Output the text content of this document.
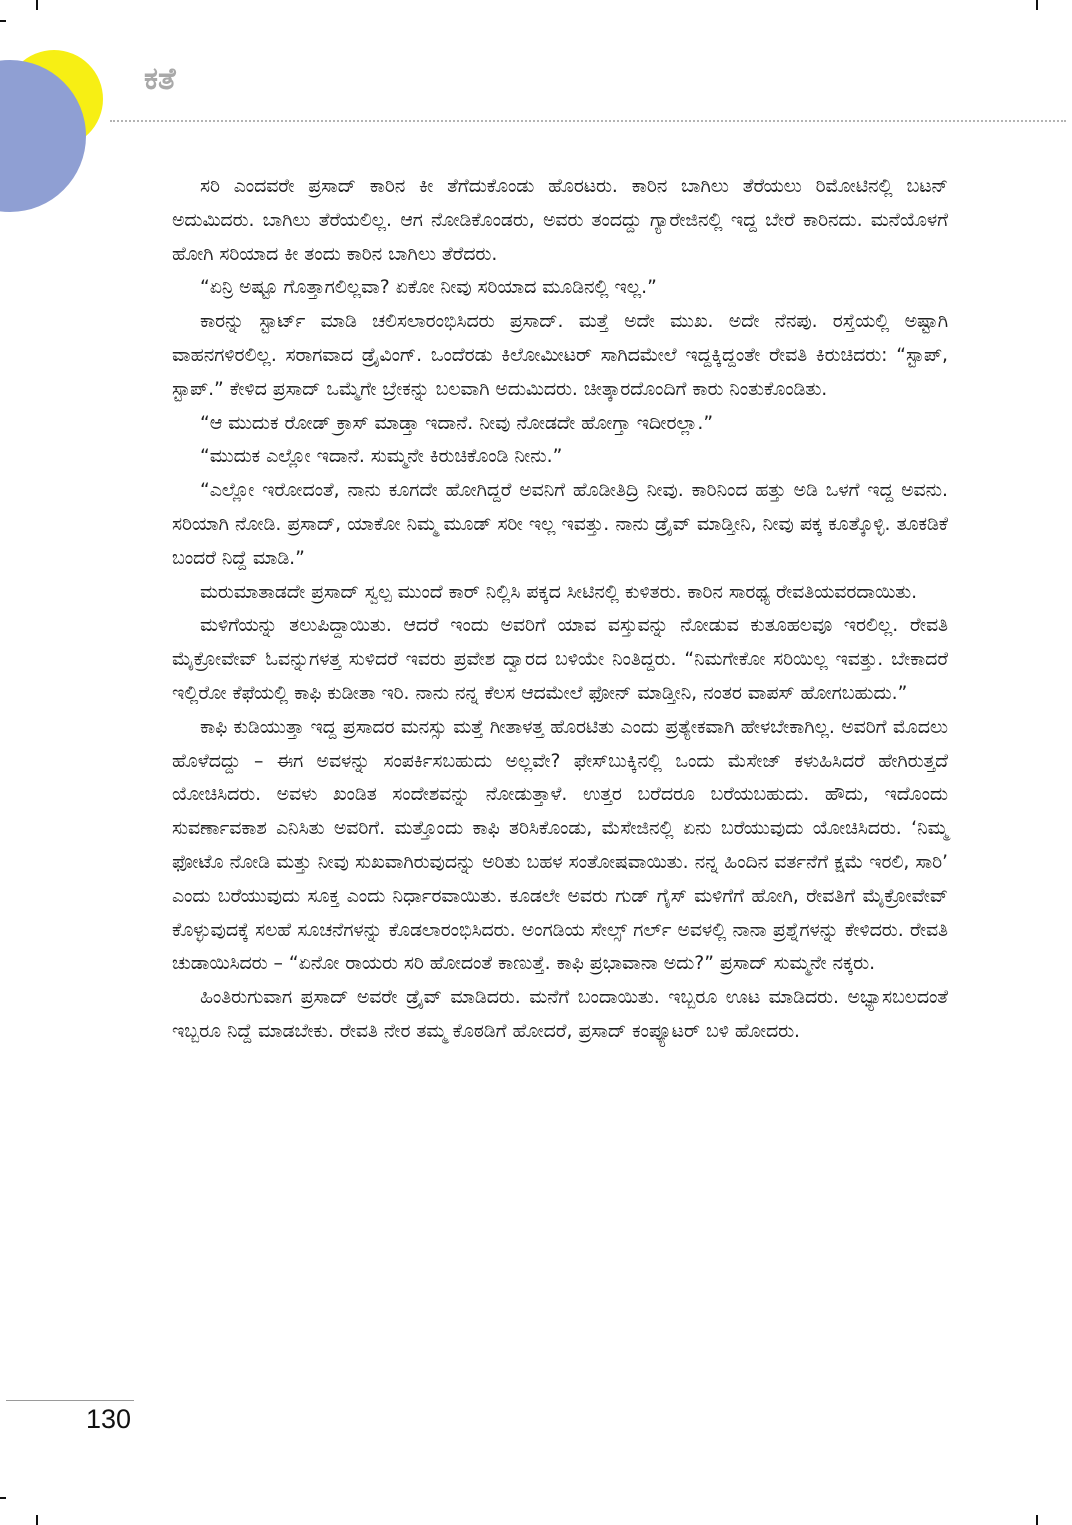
ಕತೆ

ಸರಿ ಎಂದವರೇ ಪ್ರಸಾದ್ ಕಾರಿನ ಕೀ ತೆಗೆದುಕೊಂಡು ಹೊರಟರು. ಕಾರಿನ ಬಾಗಿಲು ತೆರೆಯಲು ರಿಮೋಟಿನಲ್ಲಿ ಬಟನ್ ಅದುಮಿದರು. ಬಾಗಿಲು ತೆರೆಯಲಿಲ್ಲ. ಆಗ ನೋಡಿಕೊಂಡರು, ಅವರು ತಂದದ್ದು ಗ್ಯಾರೇಜಿನಲ್ಲಿ ಇದ್ದ ಬೇರೆ ಕಾರಿನದು. ಮನೆಯೊಳಗೆ ಹೋಗಿ ಸರಿಯಾದ ಕೀ ತಂದು ಕಾರಿನ ಬಾಗಿಲು ತೆರೆದರು.

“ಏನ್ರಿ ಅಷ್ಟೂ ಗೊತ್ತಾಗಲಿಲ್ಲವಾ? ಏಕೋ ನೀವು ಸರಿಯಾದ ಮೂಡಿನಲ್ಲಿ ಇಲ್ಲ.”

ಕಾರನ್ನು ಸ್ಟಾರ್ಟ್ ಮಾಡಿ ಚಲಿಸಲಾರಂಭಿಸಿದರು ಪ್ರಸಾದ್. ಮತ್ತೆ ಅದೇ ಮುಖ. ಅದೇ ನೆನಪು. ರಸ್ತೆಯಲ್ಲಿ ಅಷ್ಟಾಗಿ ವಾಹನಗಳಿರಲಿಲ್ಲ. ಸರಾಗವಾದ ಡ್ರೈವಿಂಗ್. ಒಂದೆರಡು ಕಿಲೋಮೀಟರ್ ಸಾಗಿದಮೇಲೆ ಇದ್ದಕ್ಕಿದ್ದಂತೇ ರೇವತಿ ಕಿರುಚಿದರು: “ಸ್ಟಾಪ್, ಸ್ಟಾಪ್.” ಕೇಳಿದ ಪ್ರಸಾದ್ ಒಮ್ಮೆಗೇ ಬ್ರೇಕನ್ನು ಬಲವಾಗಿ ಅದುಮಿದರು. ಚೀತ್ಕಾರದೊಂದಿಗೆ ಕಾರು ನಿಂತುಕೊಂಡಿತು.

“ಆ ಮುದುಕ ರೋಡ್ ಕ್ರಾಸ್ ಮಾಡ್ತಾ ಇದಾನೆ. ನೀವು ನೋಡದೇ ಹೋಗ್ತಾ ಇದೀರಲ್ಲಾ.”

“ಮುದುಕ ಎಲ್ಲೋ ಇದಾನೆ. ಸುಮ್ಮನೇ ಕಿರುಚಿಕೊಂಡಿ ನೀನು.”

“ಎಲ್ಲೋ ಇರೋದಂತೆ, ನಾನು ಕೂಗದೇ ಹೋಗಿದ್ದರೆ ಅವನಿಗೆ ಹೊಡೀತಿದ್ರಿ ನೀವು. ಕಾರಿನಿಂದ ಹತ್ತು ಅಡಿ ಒಳಗೆ ಇದ್ದ ಅವನು. ಸರಿಯಾಗಿ ನೋಡಿ. ಪ್ರಸಾದ್, ಯಾಕೋ ನಿಮ್ಮ ಮೂಡ್ ಸರೀ ಇಲ್ಲ ಇವತ್ತು. ನಾನು ಡ್ರೈವ್ ಮಾಡ್ತೀನಿ, ನೀವು ಪಕ್ಕ ಕೂತ್ಕೊಳ್ಳಿ. ತೂಕಡಿಕೆ ಬಂದರೆ ನಿದ್ದೆ ಮಾಡಿ.”

ಮರುಮಾತಾಡದೇ ಪ್ರಸಾದ್ ಸ್ವಲ್ಪ ಮುಂದೆ ಕಾರ್ ನಿಲ್ಲಿಸಿ ಪಕ್ಕದ ಸೀಟಿನಲ್ಲಿ ಕುಳಿತರು. ಕಾರಿನ ಸಾರಥ್ಯ ರೇವತಿಯವರದಾಯಿತು.

ಮಳಿಗೆಯನ್ನು ತಲುಪಿದ್ದಾಯಿತು. ಆದರೆ ಇಂದು ಅವರಿಗೆ ಯಾವ ವಸ್ತುವನ್ನು ನೋಡುವ ಕುತೂಹಲವೂ ಇರಲಿಲ್ಲ. ರೇವತಿ ಮೈಕ್ರೋವೇವ್ ಓವನ್ನುಗಳತ್ತ ಸುಳಿದರೆ ಇವರು ಪ್ರವೇಶ ದ್ವಾರದ ಬಳಿಯೇ ನಿಂತಿದ್ದರು. “ನಿಮಗೇಕೋ ಸರಿಯಿಲ್ಲ ಇವತ್ತು. ಬೇಕಾದರೆ ಇಲ್ಲಿರೋ ಕೆಫೆಯಲ್ಲಿ ಕಾಫಿ ಕುಡೀತಾ ಇರಿ. ನಾನು ನನ್ನ ಕೆಲಸ ಆದಮೇಲೆ ಫೋನ್ ಮಾಡ್ತೀನಿ, ನಂತರ ವಾಪಸ್ ಹೋಗಬಹುದು.”

ಕಾಫಿ ಕುಡಿಯುತ್ತಾ ಇದ್ದ ಪ್ರಸಾದರ ಮನಸ್ಸು ಮತ್ತೆ ಗೀತಾಳತ್ತ ಹೊರಟಿತು ಎಂದು ಪ್ರತ್ಯೇಕವಾಗಿ ಹೇಳಬೇಕಾಗಿಲ್ಲ. ಅವರಿಗೆ ಮೊದಲು ಹೊಳೆದದ್ದು – ಈಗ ಅವಳನ್ನು ಸಂಪರ್ಕಿಸಬಹುದು ಅಲ್ಲವೇ? ಫೇಸ್‌ಬುಕ್ಕಿನಲ್ಲಿ ಒಂದು ಮೆಸೇಜ್ ಕಳುಹಿಸಿದರೆ ಹೇಗಿರುತ್ತದೆ ಯೋಚಿಸಿದರು. ಅವಳು ಖಂಡಿತ ಸಂದೇಶವನ್ನು ನೋಡುತ್ತಾಳೆ. ಉತ್ತರ ಬರೆದರೂ ಬರೆಯಬಹುದು. ಹೌದು, ಇದೊಂದು ಸುವರ್ಣಾವಕಾಶ ಎನಿಸಿತು ಅವರಿಗೆ. ಮತ್ತೊಂದು ಕಾಫಿ ತರಿಸಿಕೊಂಡು, ಮೆಸೇಜಿನಲ್ಲಿ ಏನು ಬರೆಯುವುದು ಯೋಚಿಸಿದರು. ‘ನಿಮ್ಮ ಫೋಟೊ ನೋಡಿ ಮತ್ತು ನೀವು ಸುಖವಾಗಿರುವುದನ್ನು ಅರಿತು ಬಹಳ ಸಂತೋಷವಾಯಿತು. ನನ್ನ ಹಿಂದಿನ ವರ್ತನೆಗೆ ಕ್ಷಮೆ ಇರಲಿ, ಸಾರಿ’ ಎಂದು ಬರೆಯುವುದು ಸೂಕ್ತ ಎಂದು ನಿರ್ಧಾರವಾಯಿತು. ಕೂಡಲೇ ಅವರು ಗುಡ್ ಗೈಸ್ ಮಳಿಗೆಗೆ ಹೋಗಿ, ರೇವತಿಗೆ ಮೈಕ್ರೋವೇವ್ ಕೊಳ್ಳುವುದಕ್ಕೆ ಸಲಹೆ ಸೂಚನೆಗಳನ್ನು ಕೊಡಲಾರಂಭಿಸಿದರು. ಅಂಗಡಿಯ ಸೇಲ್ಸ್ ಗರ್ಲ್ ಅವಳಲ್ಲಿ ನಾನಾ ಪ್ರಶ್ನೆಗಳನ್ನು ಕೇಳಿದರು. ರೇವತಿ ಚುಡಾಯಿಸಿದರು – “ಏನೋ ರಾಯರು ಸರಿ ಹೋದಂತೆ ಕಾಣುತ್ತೆ. ಕಾಫಿ ಪ್ರಭಾವಾನಾ ಅದು?” ಪ್ರಸಾದ್ ಸುಮ್ಮನೇ ನಕ್ಕರು.

ಹಿಂತಿರುಗುವಾಗ ಪ್ರಸಾದ್ ಅವರೇ ಡ್ರೈವ್ ಮಾಡಿದರು. ಮನೆಗೆ ಬಂದಾಯಿತು. ಇಬ್ಬರೂ ಊಟ ಮಾಡಿದರು. ಅಭ್ಯಾಸಬಲದಂತೆ ಇಬ್ಬರೂ ನಿದ್ದೆ ಮಾಡಬೇಕು. ರೇವತಿ ನೇರ ತಮ್ಮ ಕೊಠಡಿಗೆ ಹೋದರೆ, ಪ್ರಸಾದ್ ಕಂಪ್ಯೂಟರ್ ಬಳಿ ಹೋದರು.

130
